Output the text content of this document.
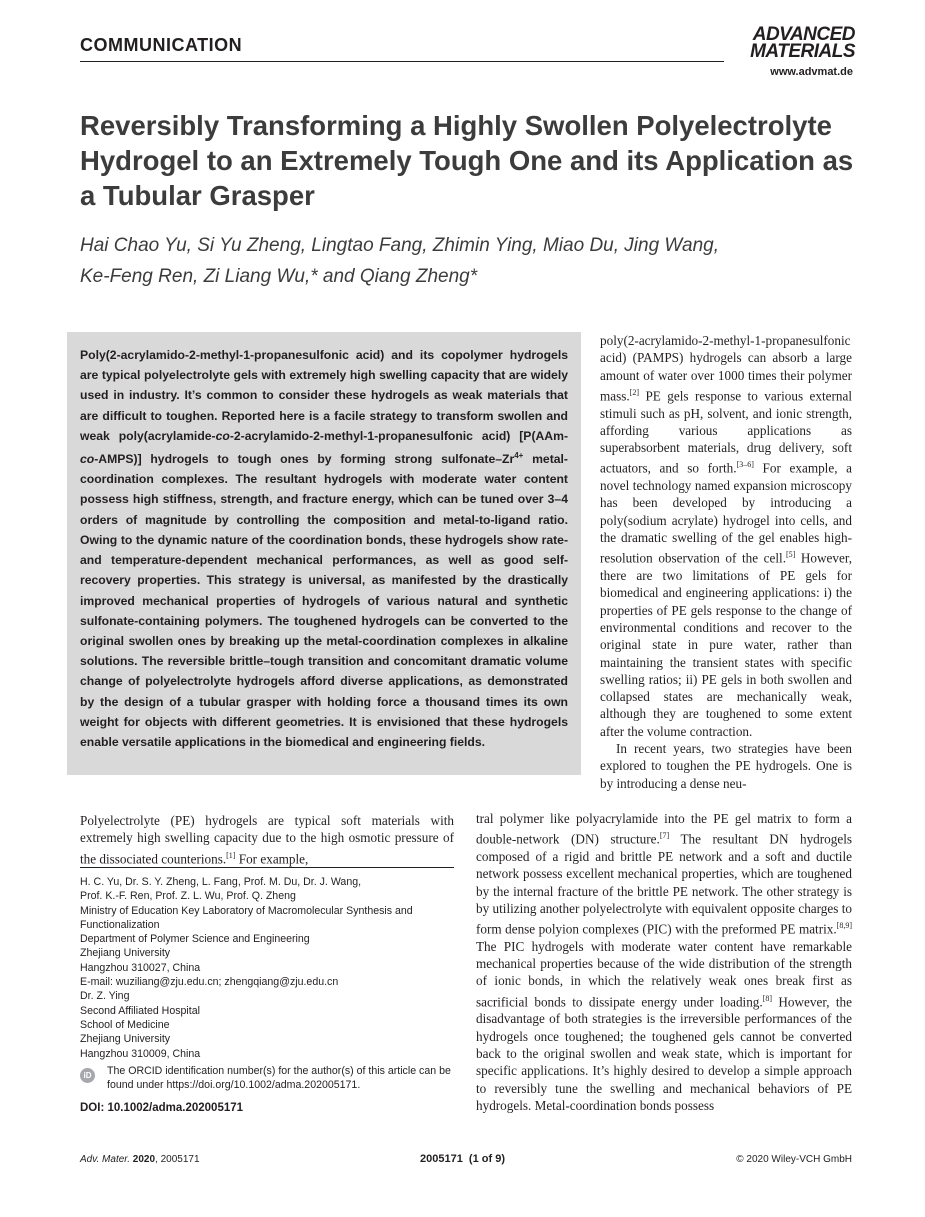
COMMUNICATION	ADVANCED
MATERIALS
www.advmat.de
Reversibly Transforming a Highly Swollen Polyelectrolyte Hydrogel to an Extremely Tough One and its Application as a Tubular Grasper
Hai Chao Yu, Si Yu Zheng, Lingtao Fang, Zhimin Ying, Miao Du, Jing Wang,
Ke-Feng Ren, Zi Liang Wu,* and Qiang Zheng*
Poly(2-acrylamido-2-methyl-1-propanesulfonic acid) and its copolymer hydrogels are typical polyelectrolyte gels with extremely high swelling capacity that are widely used in industry. It’s common to consider these hydrogels as weak materials that are difficult to toughen. Reported here is a facile strategy to transform swollen and weak poly(acrylamide-co-2-acrylamido-2-methyl-1-propanesulfonic acid) [P(AAm-co-AMPS)] hydrogels to tough ones by forming strong sulfonate–$Zr^{4+}$ metal-coordination complexes. The resultant hydrogels with moderate water content possess high stiffness, strength, and fracture energy, which can be tuned over 3–4 orders of magnitude by controlling the composition and metal-to-ligand ratio. Owing to the dynamic nature of the coordination bonds, these hydrogels show rate- and temperature-dependent mechanical performances, as well as good self-recovery properties. This strategy is universal, as manifested by the drastically improved mechanical properties of hydrogels of various natural and synthetic sulfonate-containing polymers. The toughened hydrogels can be converted to the original swollen ones by breaking up the metal-coordination complexes in alkaline solutions. The reversible brittle–tough transition and concomitant dramatic volume change of polyelectrolyte hydrogels afford diverse applications, as demonstrated by the design of a tubular grasper with holding force a thousand times its own weight for objects with different geometries. It is envisioned that these hydrogels enable versatile applications in the biomedical and engineering fields.

poly(2-acrylamido-2-methyl-1-propanesulfonic acid) (PAMPS) hydrogels can absorb a large amount of water over 1000 times their polymer mass.[2] PE gels response to various external stimuli such as pH, solvent, and ionic strength, affording various applications as superabsorbent materials, drug delivery, soft actuators, and so forth.[3–6] For example, a novel technology named expansion microscopy has been developed by introducing a poly(sodium acrylate) hydrogel into cells, and the dramatic swelling of the gel enables high-resolution observation of the cell.[5] However, there are two limitations of PE gels for biomedical and engineering applications: i) the properties of PE gels response to the change of environmental conditions and recover to the original state in pure water, rather than maintaining the transient states with specific swelling ratios; ii) PE gels in both swollen and collapsed states are mechanically weak, although they are toughened to some extent after the volume contraction.

In recent years, two strategies have been explored to toughen the PE hydrogels. One is by introducing a dense neu-

tral polymer like polyacrylamide into the PE gel matrix to form a double-network (DN) structure.[7] The resultant DN hydrogels composed of a rigid and brittle PE network and a soft and ductile network possess excellent mechanical properties, which are toughened by the internal fracture of the brittle PE network. The other strategy is by utilizing another polyelectrolyte with equivalent opposite charges to form dense polyion complexes (PIC) with the preformed PE matrix.[8,9] The PIC hydrogels with moderate water content have remarkable mechanical properties because of the wide distribution of the strength of ionic bonds, in which the relatively weak ones break first as sacrificial bonds to dissipate energy under loading.[8] However, the disadvantage of both strategies is the irreversible performances of the hydrogels once toughened; the toughened gels cannot be converted back to the original swollen and weak state, which is important for specific applications. It’s highly desired to develop a simple approach to reversibly tune the swelling and mechanical behaviors of PE hydrogels. Metal-coordination bonds possess

Polyelectrolyte (PE) hydrogels are typical soft materials with extremely high swelling capacity due to the high osmotic pressure of the dissociated counterions.[1] For example,

H. C. Yu, Dr. S. Y. Zheng, L. Fang, Prof. M. Du, Dr. J. Wang,
Prof. K.-F. Ren, Prof. Z. L. Wu, Prof. Q. Zheng
Ministry of Education Key Laboratory of Macromolecular Synthesis and
Functionalization
Department of Polymer Science and Engineering
Zhejiang University
Hangzhou 310027, China
E-mail: wuziliang@zju.edu.cn; zhengqiang@zju.edu.cn
Dr. Z. Ying
Second Affiliated Hospital
School of Medicine
Zhejiang University
Hangzhou 310009, China
iD	The ORCID identification number(s) for the author(s) of this article can be found under https://doi.org/10.1002/adma.202005171.
DOI: 10.1002/adma.202005171
Adv. Mater. 2020, 2005171	2005171  (1 of 9)	© 2020 Wiley-VCH GmbH
